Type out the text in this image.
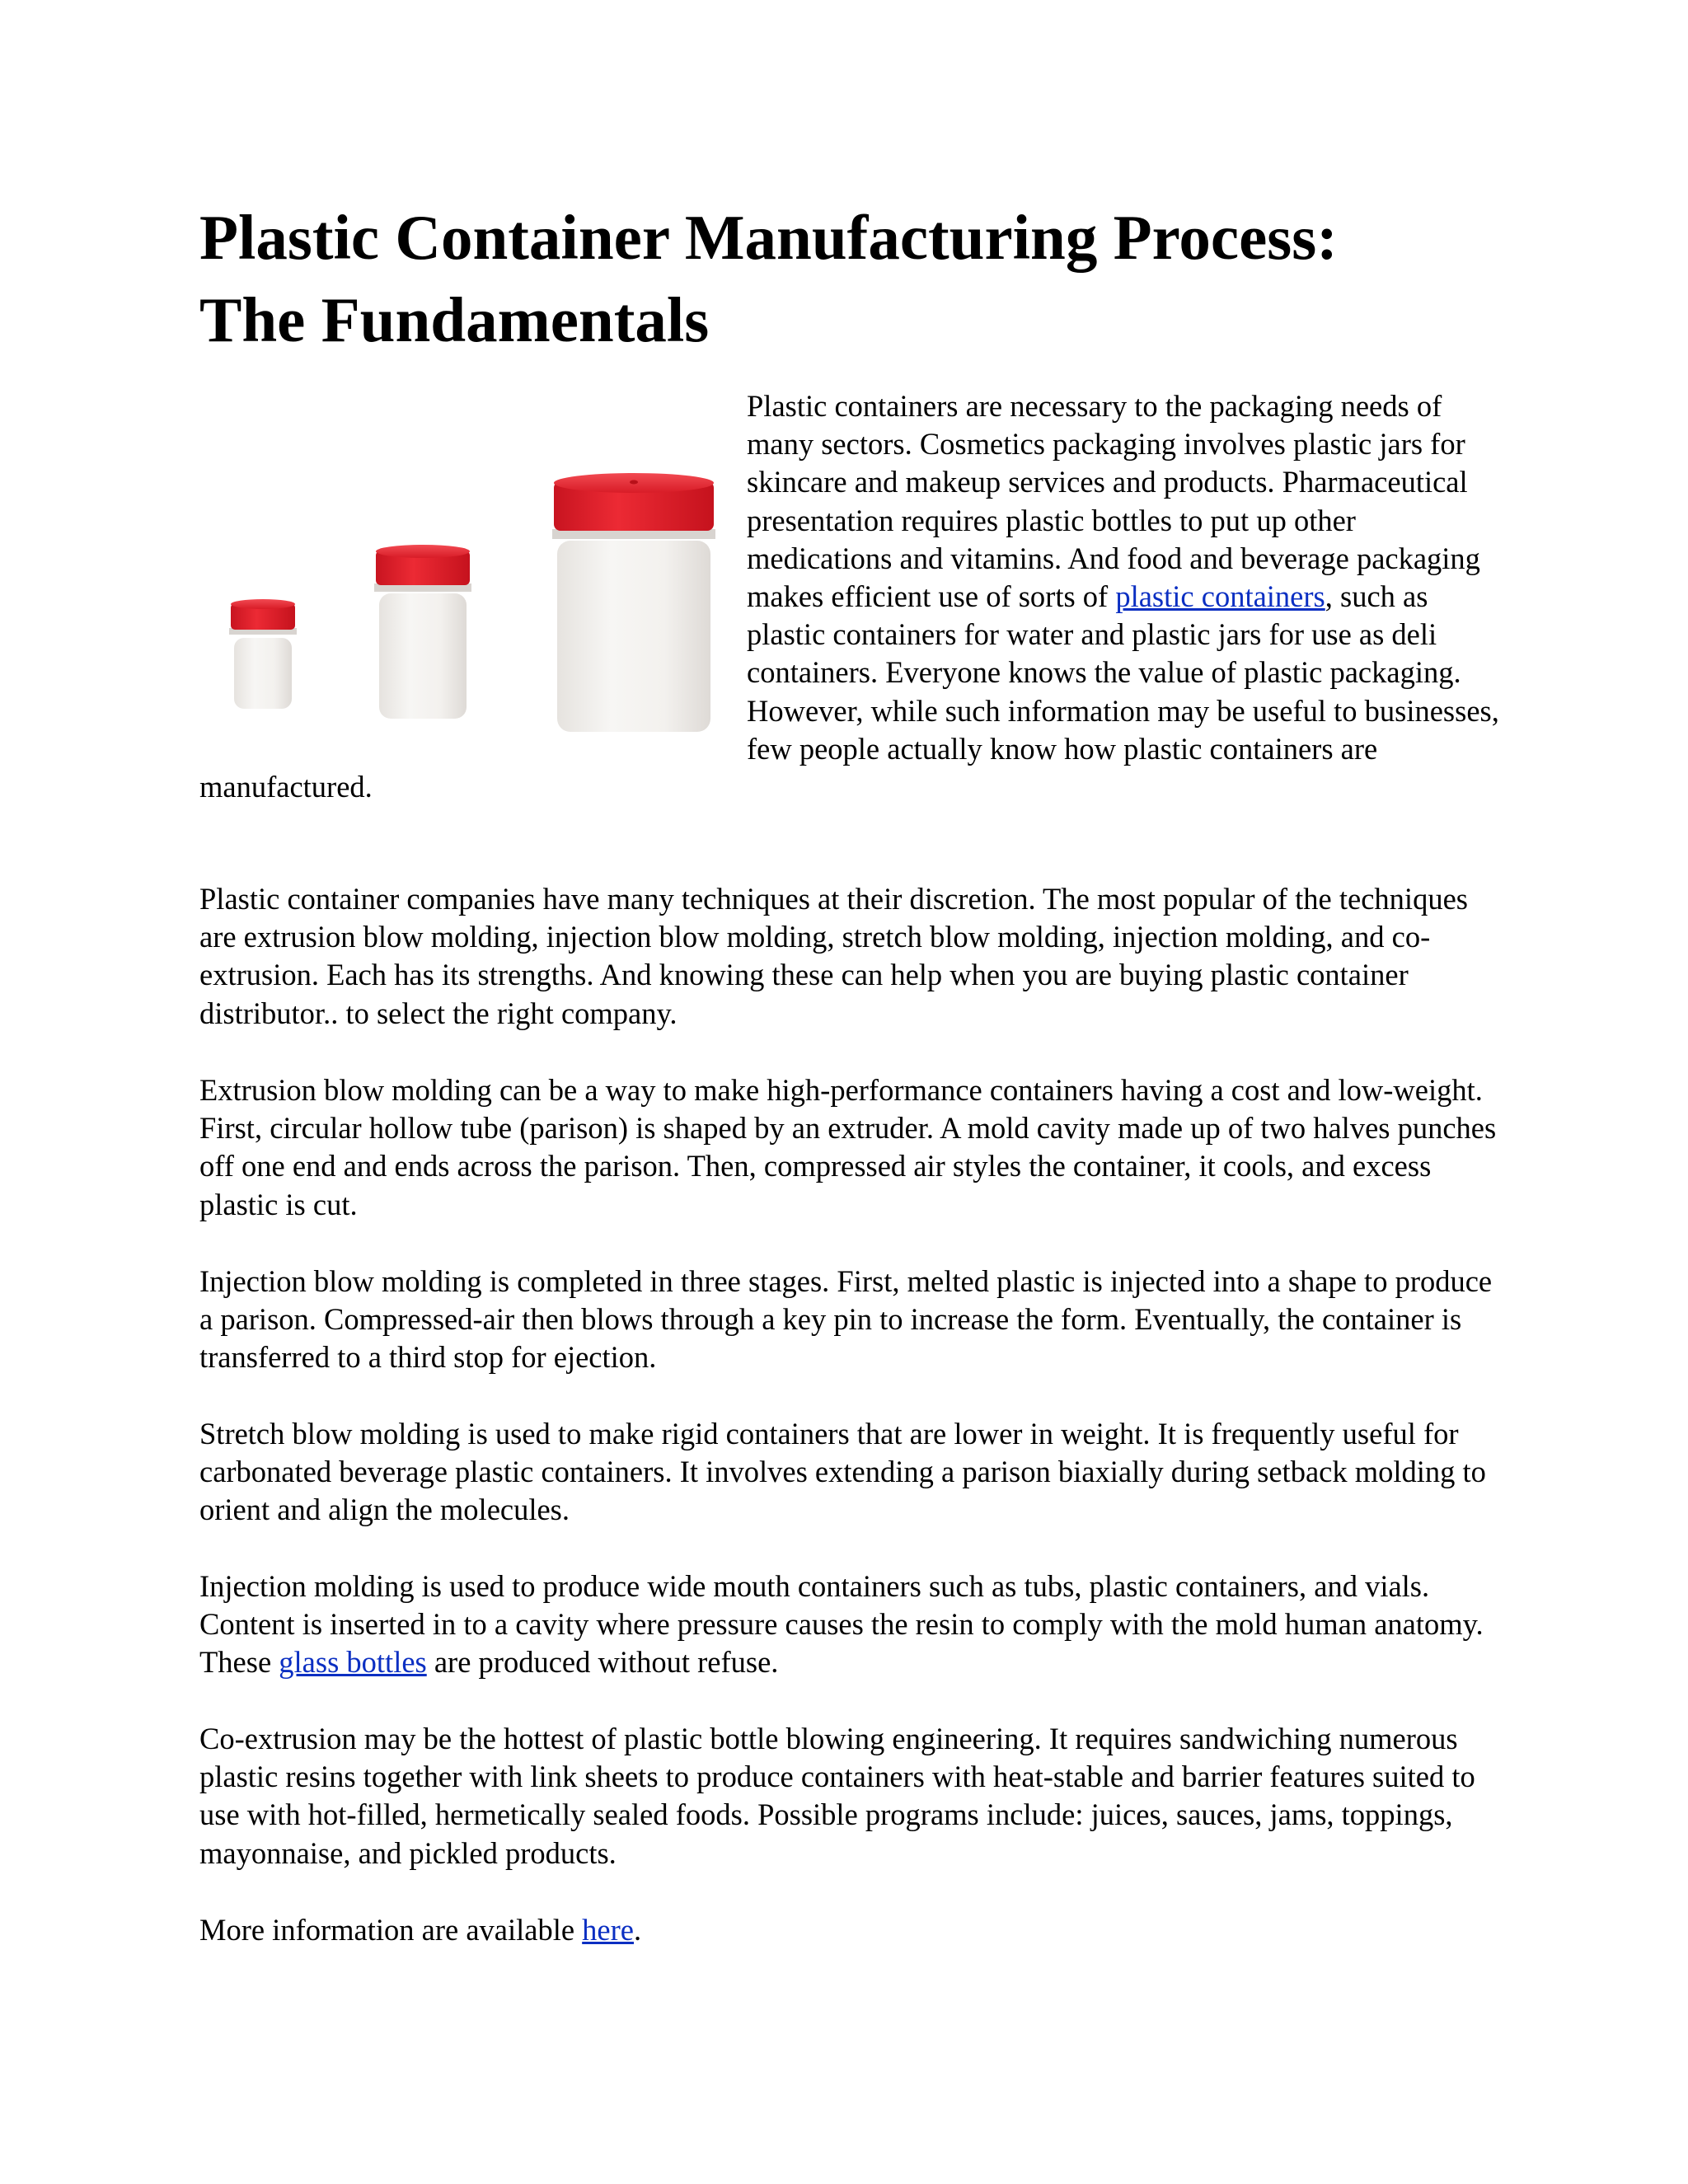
Plastic Container Manufacturing Process:
The Fundamentals
Plastic containers are necessary to the packaging needs of many sectors. Cosmetics packaging involves plastic jars for skincare and makeup services and products. Pharmaceutical presentation requires plastic bottles to put up other medications and vitamins. And food and beverage packaging makes efficient use of sorts of plastic containers, such as plastic containers for water and plastic jars for use as deli containers. Everyone knows the value of plastic packaging. However, while such information may be useful to businesses, few people actually know how plastic containers are manufactured.

Plastic container companies have many techniques at their discretion. The most popular of the techniques are extrusion blow molding, injection blow molding, stretch blow molding, injection molding, and co-extrusion. Each has its strengths. And knowing these can help when you are buying plastic container distributor.. to select the right company.

Extrusion blow molding can be a way to make high-performance containers having a cost and low-weight. First, circular hollow tube (parison) is shaped by an extruder. A mold cavity made up of two halves punches off one end and ends across the parison. Then, compressed air styles the container, it cools, and excess plastic is cut.

Injection blow molding is completed in three stages. First, melted plastic is injected into a shape to produce a parison. Compressed-air then blows through a key pin to increase the form. Eventually, the container is transferred to a third stop for ejection.

Stretch blow molding is used to make rigid containers that are lower in weight. It is frequently useful for carbonated beverage plastic containers. It involves extending a parison biaxially during setback molding to orient and align the molecules.

Injection molding is used to produce wide mouth containers such as tubs, plastic containers, and vials. Content is inserted in to a cavity where pressure causes the resin to comply with the mold human anatomy. These glass bottles are produced without refuse.

Co-extrusion may be the hottest of plastic bottle blowing engineering. It requires sandwiching numerous plastic resins together with link sheets to produce containers with heat-stable and barrier features suited to use with hot-filled, hermetically sealed foods. Possible programs include: juices, sauces, jams, toppings, mayonnaise, and pickled products.

More information are available here.
